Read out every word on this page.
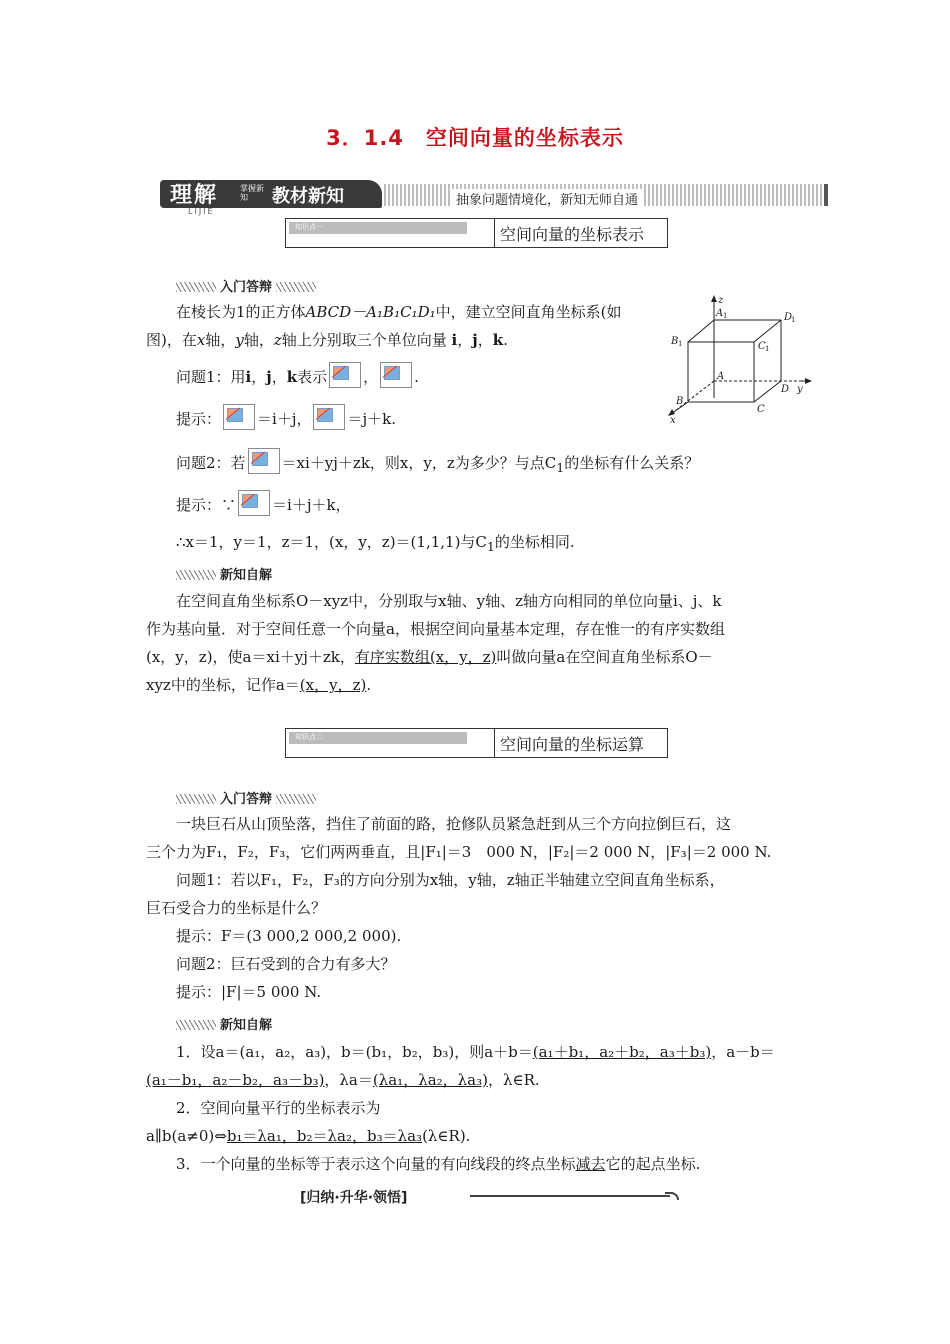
3．1.4　空间向量的坐标表示
理解	掌握新知	教材新知
LIJIE
抽象问题情境化，新知无师自通
知识点一	空间向量的坐标表示
入门答辩
在棱长为1的正方体ABCD－A₁B₁C₁D₁中，建立空间直角坐标系(如
图)，在x轴，y轴，z轴上分别取三个单位向量 i，j，k.
问题1：用i，j，k表示 ， .
提示： ＝i＋j， ＝j＋k.
问题2：若 ＝xi＋yj＋zk，则x，y，z为多少？与点$C_1$的坐标有什么关系？
提示：∵ ＝i＋j＋k，
∴x＝1，y＝1，z＝1，(x，y，z)＝(1,1,1)与$C_1$的坐标相同.
新知自解
在空间直角坐标系O－xyz中，分别取与x轴、y轴、z轴方向相同的单位向量i、j、k
作为基向量．对于空间任意一个向量a，根据空间向量基本定理，存在惟一的有序实数组
(x，y，z)，使a＝xi＋yj＋zk，有序实数组(x，y，z)叫做向量a在空间直角坐标系O－
xyz中的坐标，记作a＝(x，y，z).
知识点二	空间向量的坐标运算
入门答辩
一块巨石从山顶坠落，挡住了前面的路，抢修队员紧急赶到从三个方向拉倒巨石，这
三个力为F₁，F₂，F₃，它们两两垂直，且|F₁|＝3　000 N，|F₂|＝2 000 N，|F₃|＝2 000 N.
问题1：若以F₁，F₂，F₃的方向分别为x轴，y轴，z轴正半轴建立空间直角坐标系，
巨石受合力的坐标是什么？
提示：F＝(3 000,2 000,2 000).
问题2：巨石受到的合力有多大？
提示：|F|＝5 000 N.
新知自解
1．设a＝(a₁，a₂，a₃)，b＝(b₁，b₂，b₃)，则a＋b＝(a₁＋b₁，a₂＋b₂，a₃＋b₃)，a－b＝
(a₁－b₁，a₂－b₂，a₃－b₃)，λa＝(λa₁，λa₂，λa₃)，λ∈R.
2．空间向量平行的坐标表示为
a∥b(a≠0)⇔b₁＝λa₁，b₂＝λa₂，b₃＝λa₃(λ∈R).
3．一个向量的坐标等于表示这个向量的有向线段的终点坐标减去它的起点坐标.
[归纳·升华·领悟]
z
A 1	D
1
B 1	C 1
A
D y
B
C
x
